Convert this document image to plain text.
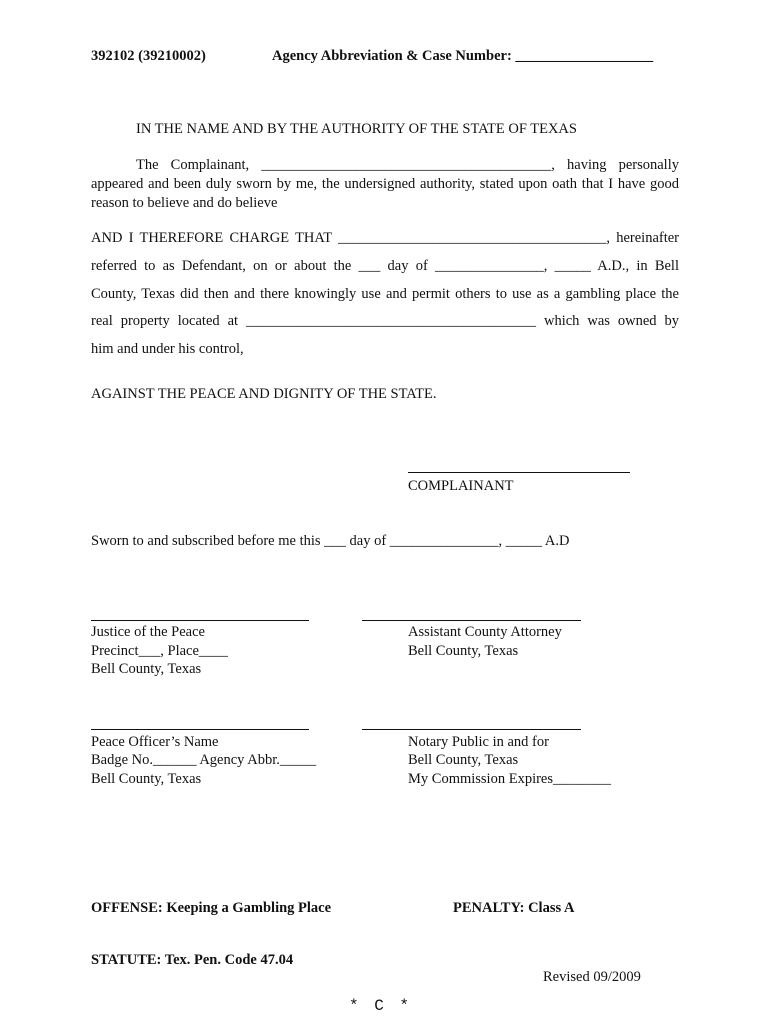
392102 (39210002)	Agency Abbreviation & Case Number: ___________________
IN THE NAME AND BY THE AUTHORITY OF THE STATE OF TEXAS
The Complainant, ________________________________________, having personally
appeared and been duly sworn by me, the undersigned authority, stated upon oath that I have good
reason to believe and do believe
AND I THEREFORE CHARGE THAT _____________________________________, hereinafter
referred to as Defendant, on or about the ___ day of _______________, _____ A.D., in Bell
County, Texas did then and there knowingly use and permit others to use as a gambling place the
real property located at ________________________________________ which was owned by
him and under his control,
AGAINST THE PEACE AND DIGNITY OF THE STATE.
COMPLAINANT
Sworn to and subscribed before me this ___ day of _______________, _____ A.D
Justice of the Peace
Precinct___, Place____
Bell County, Texas
Assistant County Attorney
Bell County, Texas
Peace Officer’s Name
Badge No.______ Agency Abbr._____
Bell County, Texas
Notary Public in and for
Bell County, Texas
My Commission Expires________
OFFENSE: Keeping a Gambling Place	PENALTY: Class A
STATUTE: Tex. Pen. Code 47.04
Revised 09/2009
* C *
